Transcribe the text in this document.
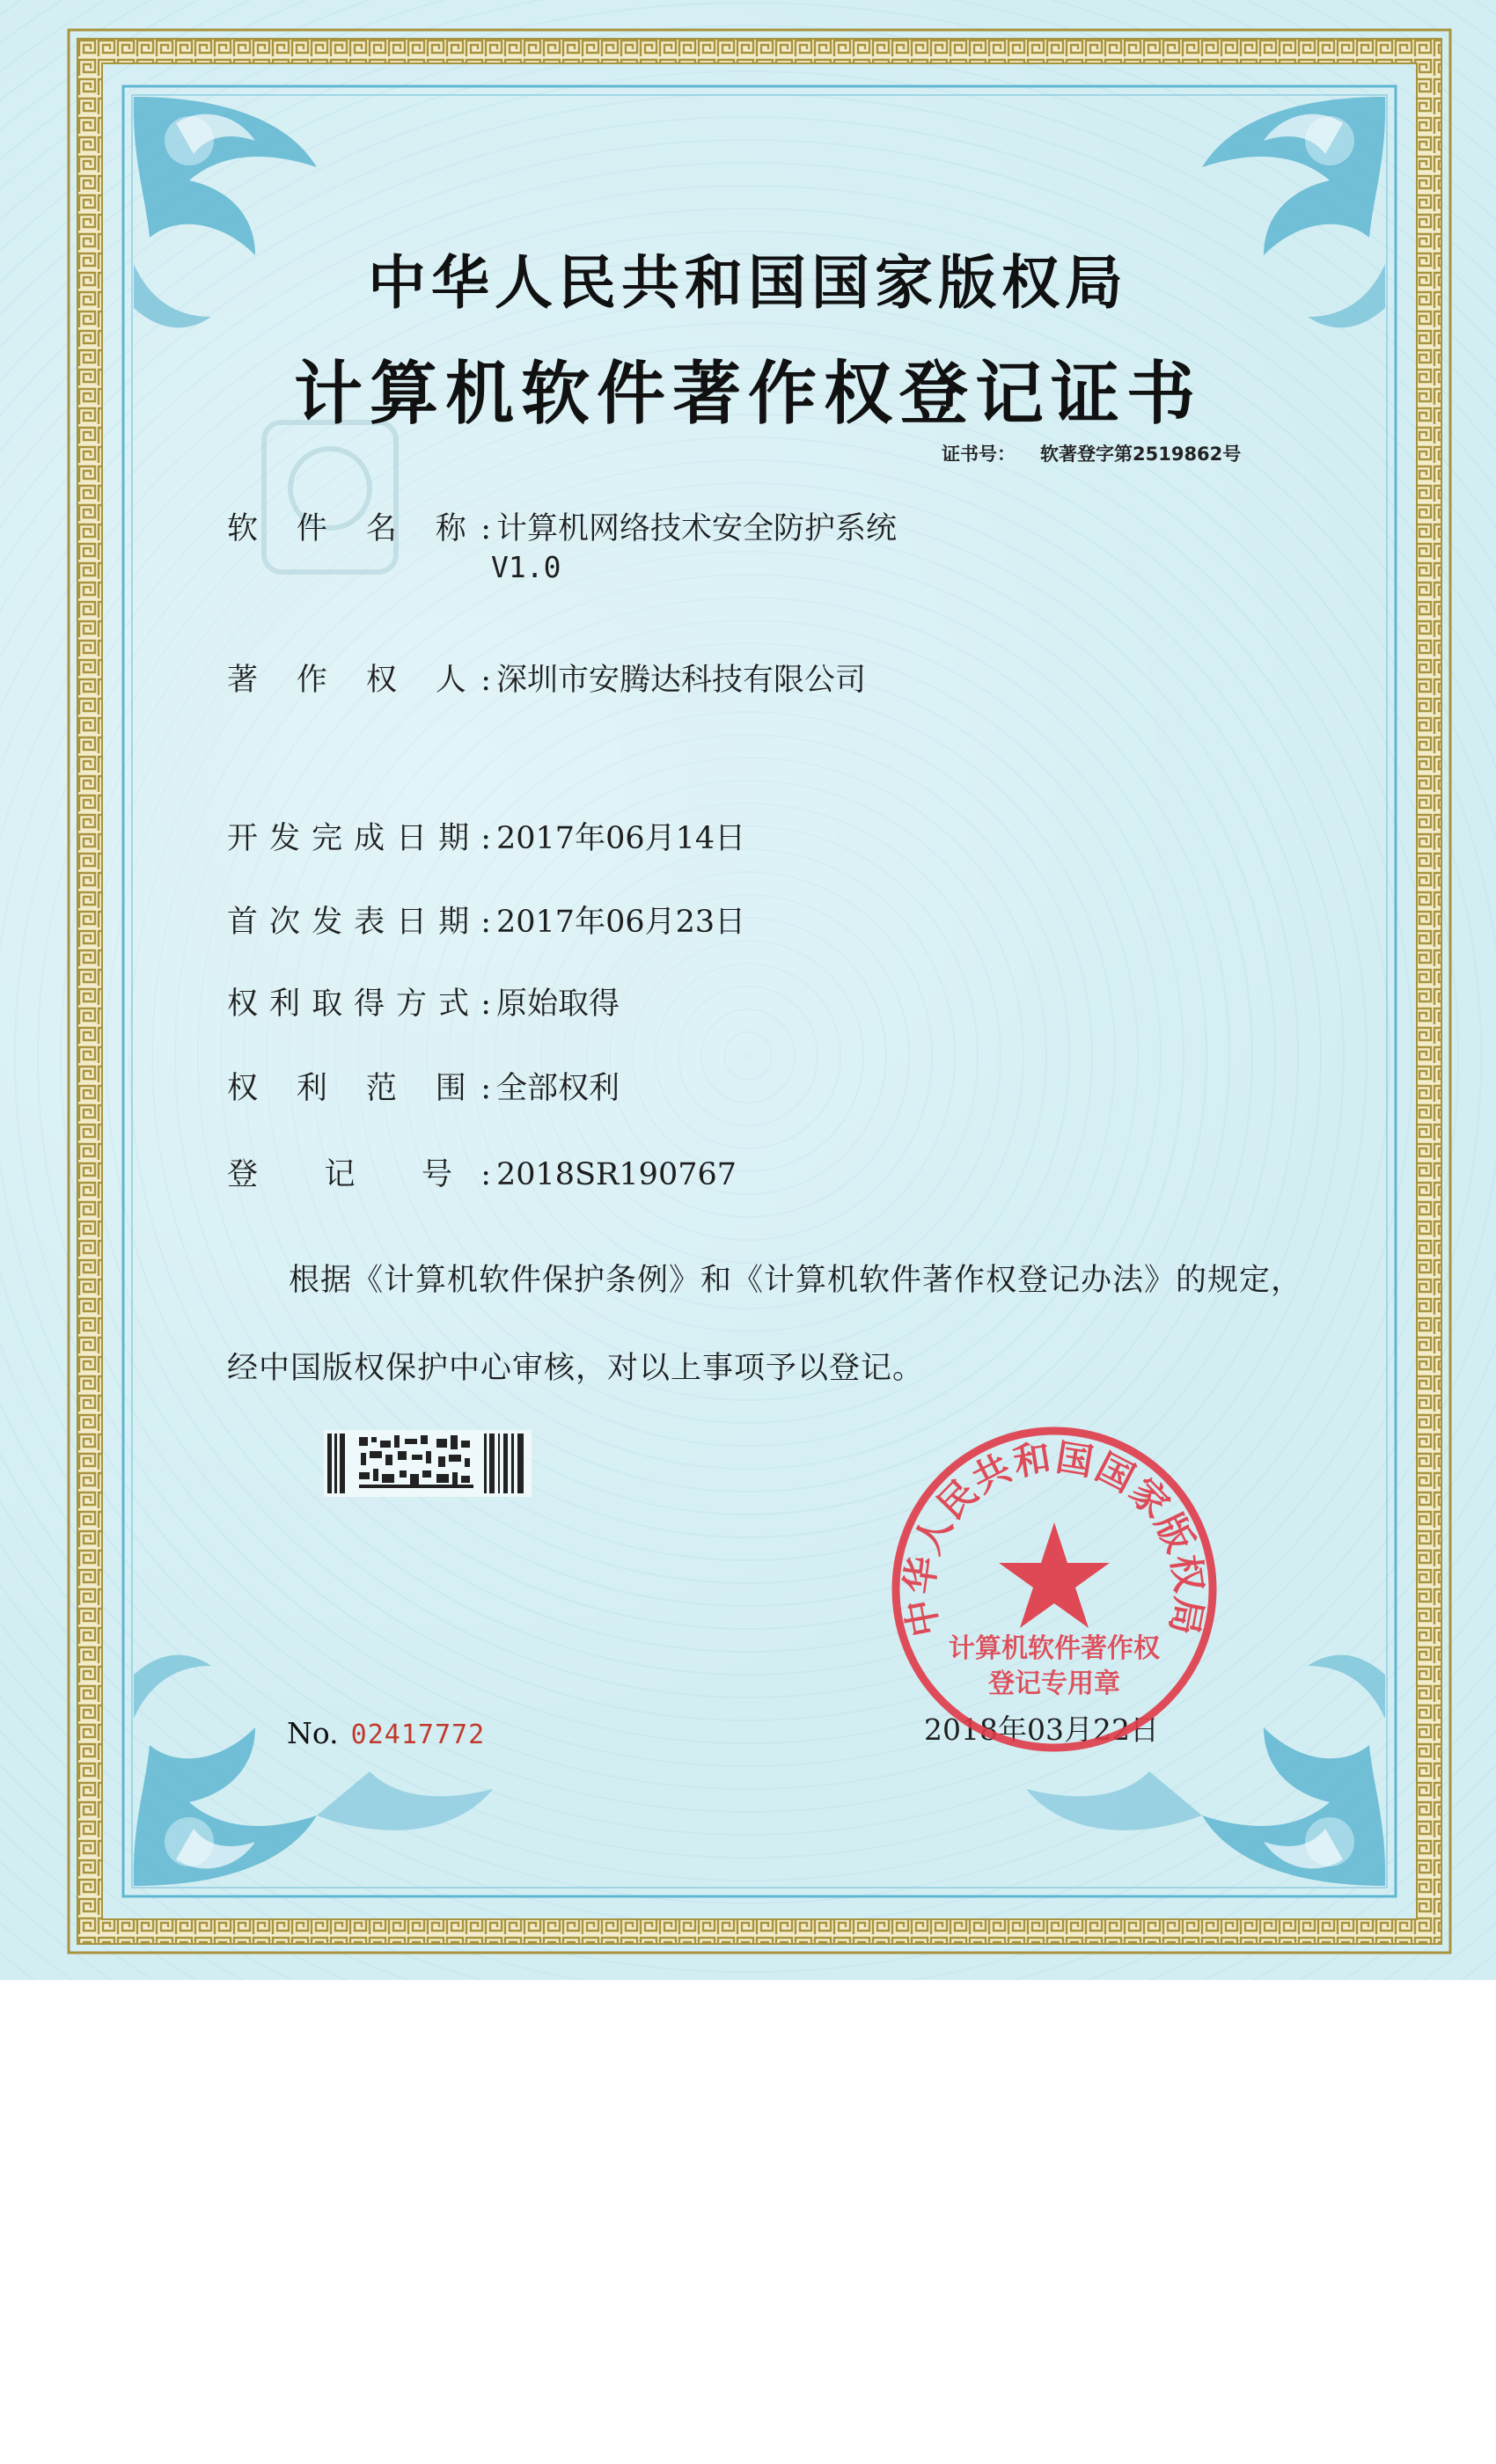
中华人民共和国国家版权局
计算机软件著作权登记证书
证书号： 软著登字第2519862号
软 件 名 称: 计算机网络技术安全防护系统
V1.0
著 作 权 人: 深圳市安腾达科技有限公司
开发完成日期: 2017年06月14日
首次发表日期: 2017年06月23日
权利取得方式: 原始取得
权 利 范 围: 全部权利
登 记 号: 2018SR190767
根据《计算机软件保护条例》和《计算机软件著作权登记办法》的规定，经中国版权保护中心审核，对以上事项予以登记。
2018年03月22日
中华人民共和国国家版权局
计算机软件著作权
登记专用章
No. 02417772
